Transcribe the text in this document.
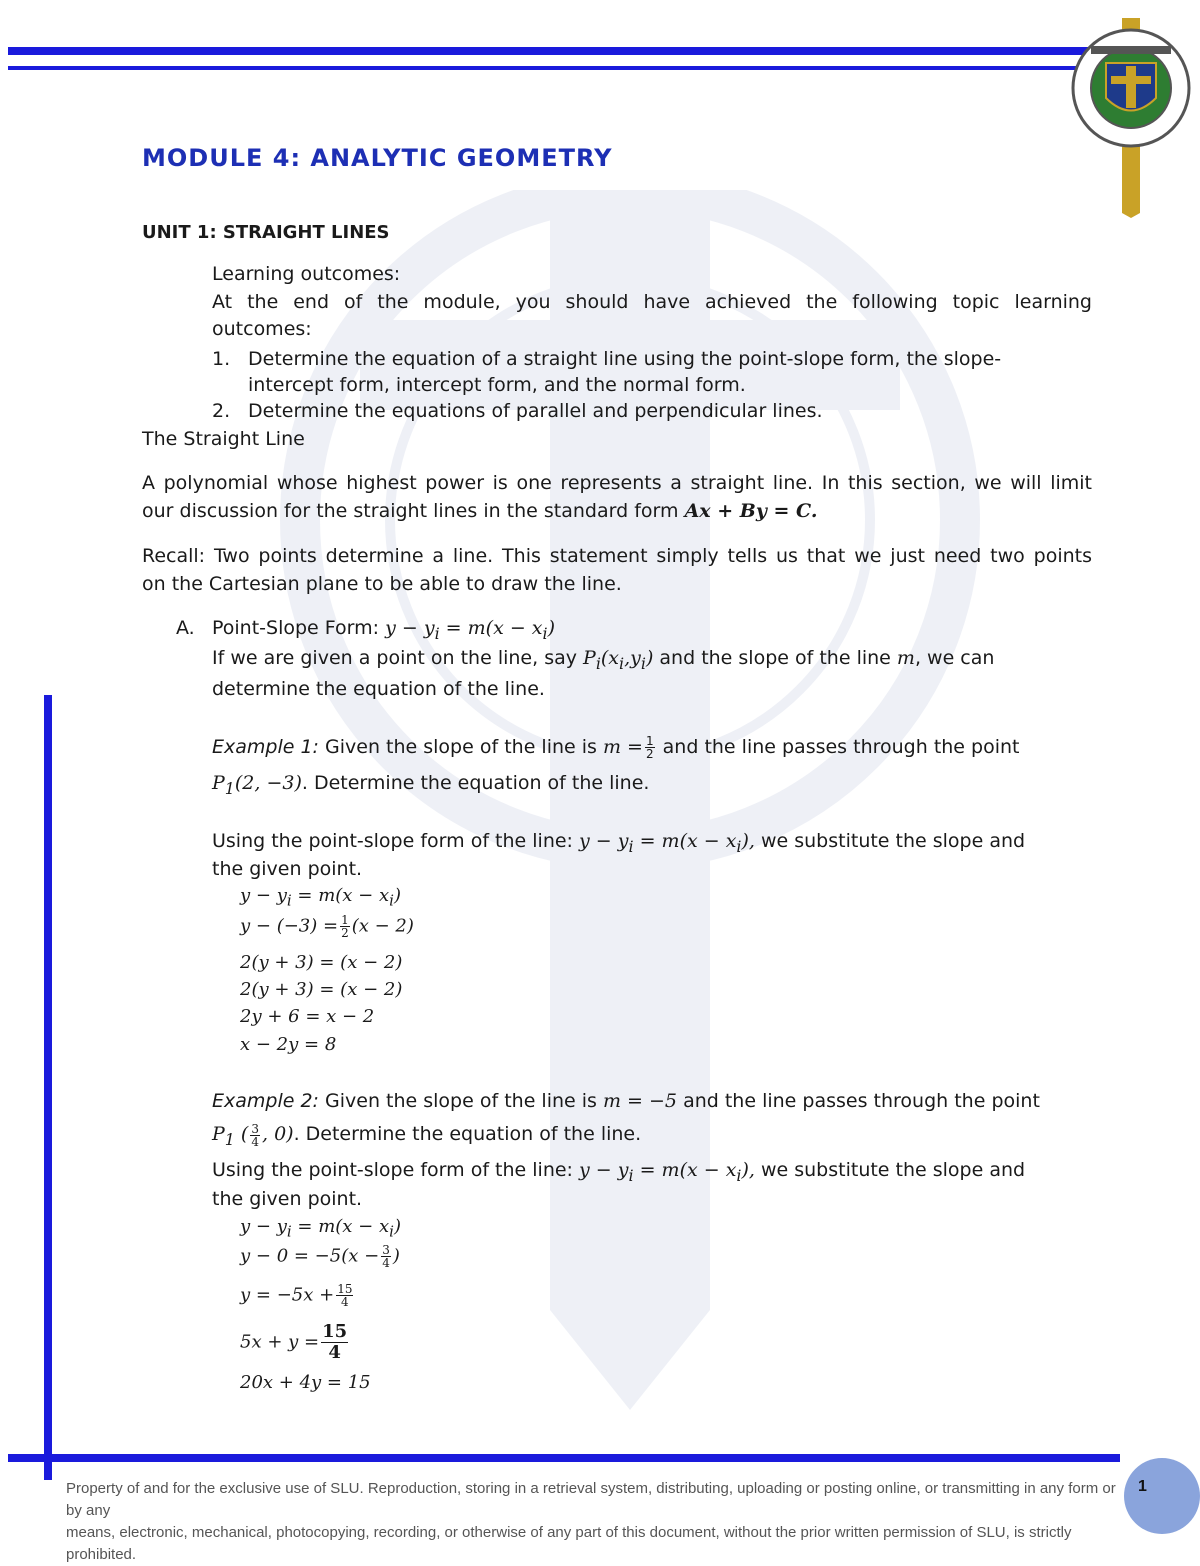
MODULE 4: ANALYTIC GEOMETRY
UNIT 1: STRAIGHT LINES
Learning outcomes:
At the end of the module, you should have achieved the following topic learning
outcomes:
1. Determine the equation of a straight line using the point-slope form, the slope-
intercept form, intercept form, and the normal form.
2. Determine the equations of parallel and perpendicular lines.
The Straight Line
A polynomial whose highest power is one represents a straight line. In this section, we will limit
our discussion for the straight lines in the standard form Ax + By = C.
Recall: Two points determine a line. This statement simply tells us that we just need two points
on the Cartesian plane to be able to draw the line.
A. Point-Slope Form: $y - y_i = m(x - x_i)$
If we are given a point on the line, say $P_i(x_i,y_i)$ and the slope of the line m, we can
determine the equation of the line.
Example 1: Given the slope of the line is $m = \frac{1}{2}$ and the line passes through the point
$P_1(2$, −3). Determine the equation of the line.
Using the point-slope form of the line: $y - y_i = m(x - x_i)$, we substitute the slope and
the given point.
$y - y_i = m(x - x_i)$
$y - (-3) = \frac{1}{2} (x - 2)$
2(y + 3) = (x − 2)
2(y + 3) = (x − 2)
2y + 6 = x − 2
x − 2y = 8
Example 2: Given the slope of the line is m = −5 and the line passes through the point
$P_1$ ( $\frac{3}{4}$ , 0). Determine the equation of the line.
Using the point-slope form of the line: $y - y_i = m(x - x_i)$, we substitute the slope and
the given point.
$y - y_i = m(x - x_i)$
$y - 0 = -5(x - \frac{3}{4}$ )
$y = -5x + \frac{15}{4}$
$5x + y = \frac{15}{4}$
20x + 4y = 15
Property of and for the exclusive use of SLU. Reproduction, storing in a retrieval system, distributing, uploading or posting online, or transmitting in any form or by any
means, electronic, mechanical, photocopying, recording, or otherwise of any part of this document, without the prior written permission of SLU, is strictly prohibited.
1
